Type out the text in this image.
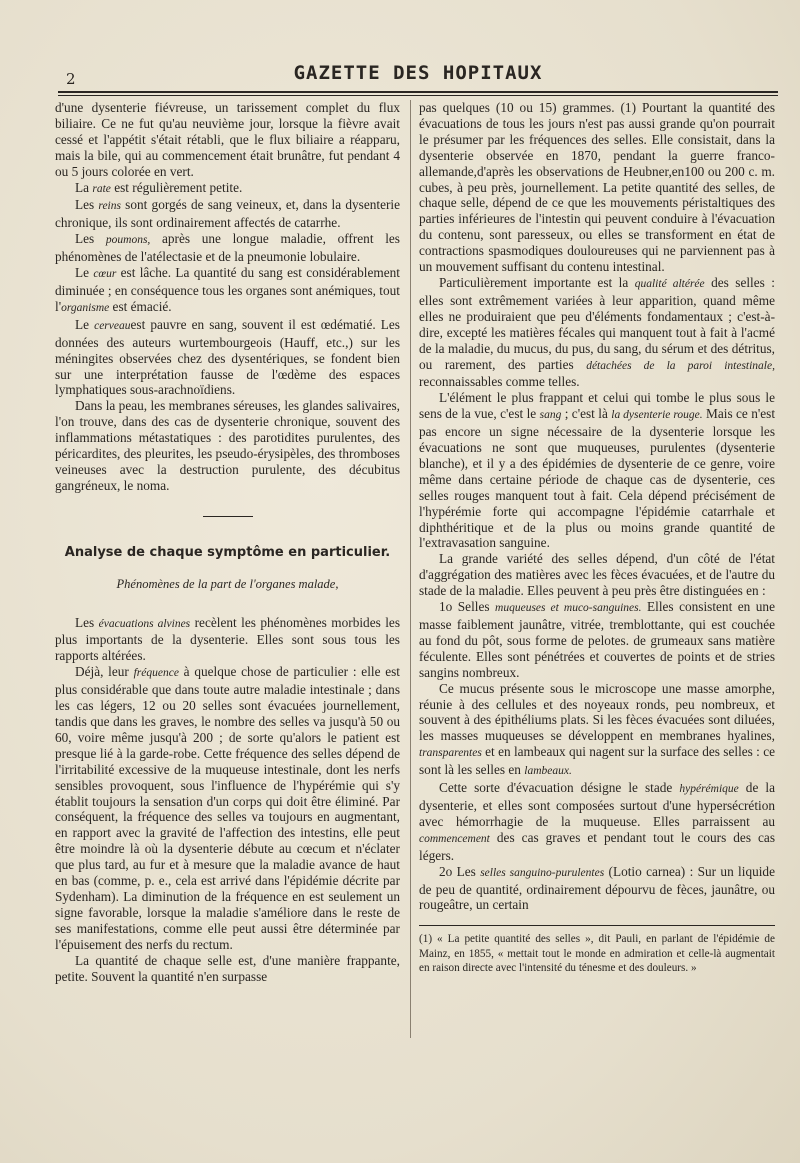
2	GAZETTE DES HOPITAUX

d'une dysenterie fiévreuse, un tarissement complet du flux biliaire. Ce ne fut qu'au neuvième jour, lorsque la fièvre avait cessé et l'appétit s'était rétabli, que le flux biliaire a réapparu, mais la bile, qui au commencement était brunâtre, fut pendant 4 ou 5 jours colorée en vert.

La rate est régulièrement petite.

Les reins sont gorgés de sang veineux, et, dans la dysenterie chronique, ils sont ordinairement affectés de catarrhe.

Les poumons, après une longue maladie, offrent les phénomènes de l'atélectasie et de la pneumonie lobulaire.

Le cœur est lâche. La quantité du sang est considérablement diminuée ; en conséquence tous les organes sont anémiques, tout l'organisme est émacié.

Le cerveauest pauvre en sang, souvent il est œdématié. Les données des auteurs wurtembourgeois (Hauff, etc.,) sur les méningites observées chez des dysentériques, se fondent bien sur une interprétation fausse de l'œdème des espaces lymphatiques sous-arachnoïdiens.

Dans la peau, les membranes séreuses, les glandes salivaires, l'on trouve, dans des cas de dysenterie chronique, souvent des inflammations métastatiques : des parotidites purulentes, des péricardites, des pleurites, les pseudo-érysipèles, des thromboses veineuses avec la destruction purulente, des décubitus gangréneux, le noma.

Analyse de chaque symptôme en particulier.
Phénomènes de la part de l'organes malade,

Les évacuations alvines recèlent les phénomènes morbides les plus importants de la dysenterie. Elles sont sous tous les rapports altérées.

Déjà, leur fréquence à quelque chose de particulier : elle est plus considérable que dans toute autre maladie intestinale ; dans les cas légers, 12 ou 20 selles sont évacuées journellement, tandis que dans les graves, le nombre des selles va jusqu'à 50 ou 60, voire même jusqu'à 200 ; de sorte qu'alors le patient est presque lié à la garde-robe. Cette fréquence des selles dépend de l'irritabilité excessive de la muqueuse intestinale, dont les nerfs sensibles provoquent, sous l'influence de l'hypérémie qui s'y établit toujours la sensation d'un corps qui doit être éliminé. Par conséquent, la fréquence des selles va toujours en augmentant, en rapport avec la gravité de l'affection des intestins, elle peut être moindre là où la dysenterie débute au cœcum et n'éclater que plus tard, au fur et à mesure que la maladie avance de haut en bas (comme, p. e., cela est arrivé dans l'épidémie décrite par Sydenham). La diminution de la fréquence en est seulement un signe favorable, lorsque la maladie s'améliore dans le reste de ses manifestations, comme elle peut aussi être déterminée par l'épuisement des nerfs du rectum.

La quantité de chaque selle est, d'une manière frappante, petite. Souvent la quantité n'en surpasse

pas quelques (10 ou 15) grammes. (1) Pourtant la quantité des évacuations de tous les jours n'est pas aussi grande qu'on pourrait le présumer par les fréquences des selles. Elle consistait, dans la dysenterie observée en 1870, pendant la guerre franco-allemande,d'après les observations de Heubner,en100 ou 200 c. m. cubes, à peu près, journellement. La petite quantité des selles, de chaque selle, dépend de ce que les mouvements péristaltiques des parties inférieures de l'intestin qui peuvent conduire à l'évacuation du contenu, sont paresseux, ou elles se transforment en état de contractions spasmodiques douloureuses qui ne parviennent pas à un mouvement suffisant du contenu intestinal.

Particulièrement importante est la qualité altérée des selles : elles sont extrêmement variées à leur apparition, quand même elles ne produiraient que peu d'éléments fondamentaux ; c'est-à-dire, excepté les matières fécales qui manquent tout à fait à l'acmé de la maladie, du mucus, du pus, du sang, du sérum et des détritus, ou rarement, des parties détachées de la paroi intestinale, reconnaissables comme telles.

L'élément le plus frappant et celui qui tombe le plus sous le sens de la vue, c'est le sang ; c'est là la dysenterie rouge. Mais ce n'est pas encore un signe nécessaire de la dysenterie lorsque les évacuations ne sont que muqueuses, purulentes (dysenterie blanche), et il y a des épidémies de dysenterie de ce genre, voire même dans certaine période de chaque cas de dysenterie, ces selles rouges manquent tout à fait. Cela dépend précisément de l'hypérémie forte qui accompagne l'épidémie catarrhale et diphthéritique et de la plus ou moins grande quantité de l'extravasation sanguine.

La grande variété des selles dépend, d'un côté de l'état d'aggrégation des matières avec les fèces évacuées, et de l'autre du stade de la maladie. Elles peuvent à peu près être distinguées en :

1o Selles muqueuses et muco-sanguines. Elles consistent en une masse faiblement jaunâtre, vitrée, tremblottante, qui est couchée au fond du pôt, sous forme de pelotes. de grumeaux sans matière féculente. Elles sont pénétrées et couvertes de points et de stries sangins nombreux.

Ce mucus présente sous le microscope une masse amorphe, réunie à des cellules et des noyeaux ronds, peu nombreux, et souvent à des épithéliums plats. Si les fèces évacuées sont diluées, les masses muqueuses se développent en membranes hyalines, transparentes et en lambeaux qui nagent sur la surface des selles : ce sont là les selles en lambeaux.

Cette sorte d'évacuation désigne le stade hypérémique de la dysenterie, et elles sont composées surtout d'une hypersécrétion avec hémorrhagie de la muqueuse. Elles parraissent au commencement des cas graves et pendant tout le cours des cas légers.

2o Les selles sanguino-purulentes (Lotio carnea) : Sur un liquide de peu de quantité, ordinairement dépourvu de fèces, jaunâtre, ou rougeâtre, un certain

(1) « La petite quantité des selles », dit Pauli, en parlant de l'épidémie de Mainz, en 1855, « mettait tout le monde en admiration et celle-là augmentait en raison directe avec l'intensité du ténesme et des douleurs. »
